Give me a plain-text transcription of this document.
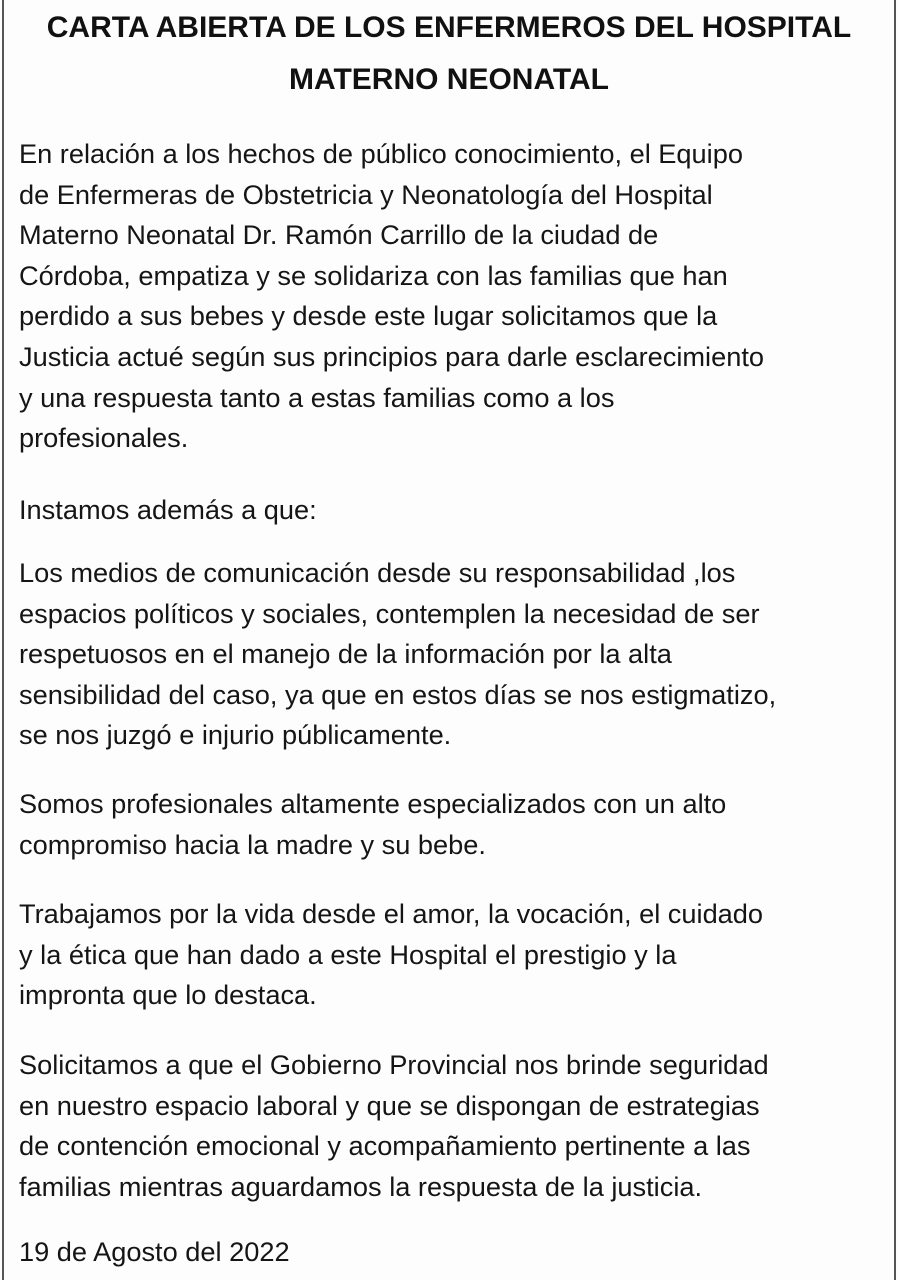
CARTA ABIERTA DE LOS ENFERMEROS DEL HOSPITAL
MATERNO NEONATAL

En relación a los hechos de público conocimiento, el Equipo
de Enfermeras de Obstetricia y Neonatología del Hospital
Materno Neonatal Dr. Ramón Carrillo de la ciudad de
Córdoba, empatiza y se solidariza con las familias que han
perdido a sus bebes y desde este lugar solicitamos que la
Justicia actué según sus principios para darle esclarecimiento
y una respuesta tanto a estas familias como a los
profesionales.

Instamos además a que:

Los medios de comunicación desde su responsabilidad ,los
espacios políticos y sociales, contemplen la necesidad de ser
respetuosos en el manejo de la información por la alta
sensibilidad del caso, ya que en estos días se nos estigmatizo,
se nos juzgó e injurio públicamente.

Somos profesionales altamente especializados con un alto
compromiso hacia la madre y su bebe.

Trabajamos por la vida desde el amor, la vocación, el cuidado
y la ética que han dado a este Hospital el prestigio y la
impronta que lo destaca.

Solicitamos a que el Gobierno Provincial nos brinde seguridad
en nuestro espacio laboral y que se dispongan de estrategias
de contención emocional y acompañamiento pertinente a las
familias mientras aguardamos la respuesta de la justicia.

19 de Agosto del 2022
